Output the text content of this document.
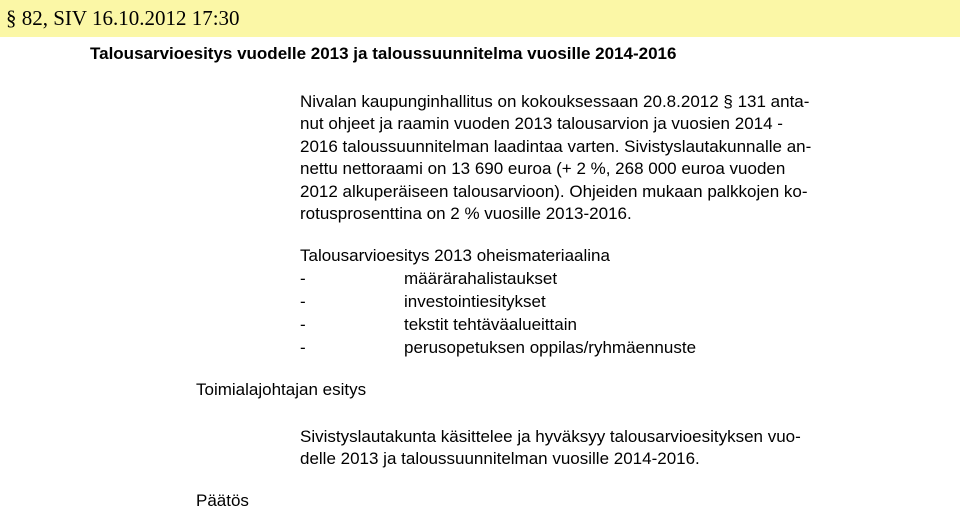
§ 82, SIV 16.10.2012 17:30
Talousarvioesitys vuodelle 2013 ja taloussuunnitelma vuosille 2014-2016
Nivalan kaupunginhallitus on kokouksessaan 20.8.2012 § 131 anta-
nut ohjeet ja raamin vuoden 2013 talousarvion ja vuosien 2014 -
2016 taloussuunnitelman laadintaa varten. Sivistyslautakunnalle an-
nettu nettoraami on 13 690 euroa (+ 2 %, 268 000 euroa vuoden
2012 alkuperäiseen talousarvioon). Ohjeiden mukaan palkkojen ko-
rotusprosenttina on 2 % vuosille 2013-2016.
Talousarvioesitys 2013 oheismateriaalina
-	määrärahalistaukset
-	investointiesitykset
-	tekstit tehtäväalueittain
-	perusopetuksen oppilas/ryhmäennuste
Toimialajohtajan esitys
Sivistyslautakunta käsittelee ja hyväksyy talousarvioesityksen vuo-
delle 2013 ja taloussuunnitelman vuosille 2014-2016.
Päätös
